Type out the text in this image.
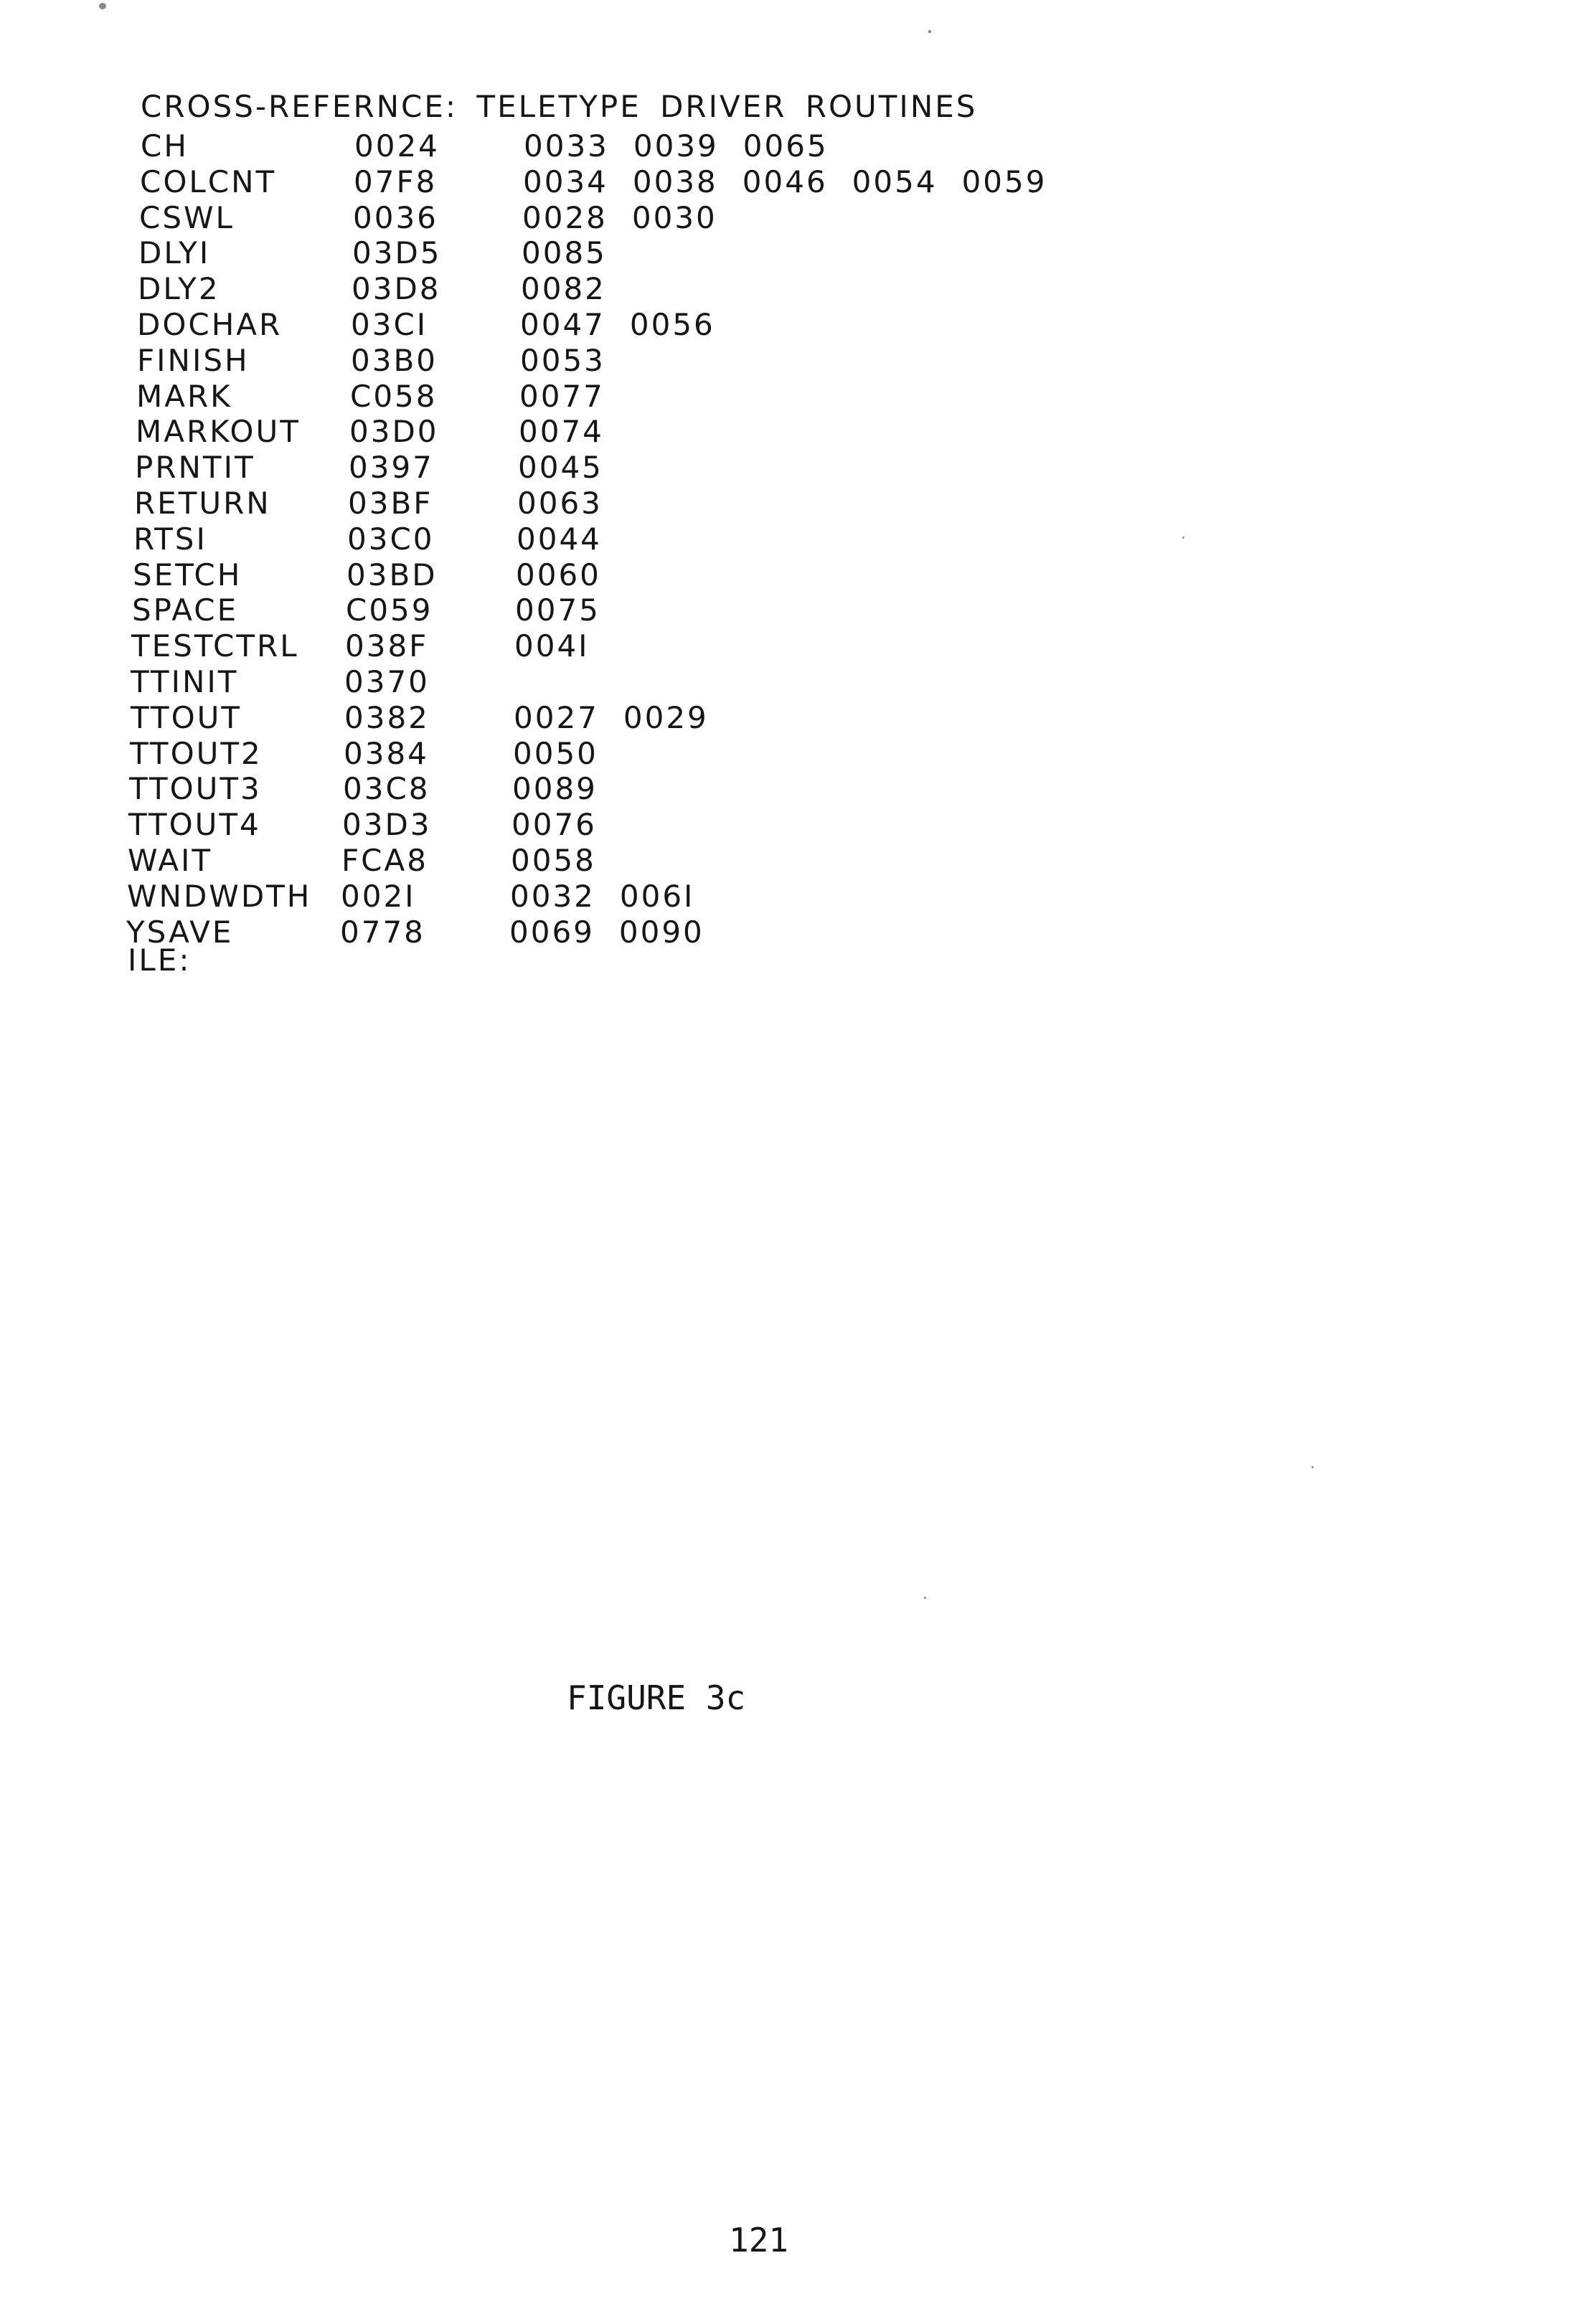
CROSS-REFERNCE: TELETYPE DRIVER ROUTINES
CH	0024	0033 0039 0065
COLCNT	07F8	0034 0038 0046 0054 0059
CSWL	0036	0028 0030
DLYI	03D5	0085
DLY2	03D8	0082
DOCHAR	03CI	0047 0056
FINISH	03B0	0053
MARK	C058	0077
MARKOUT	03D0	0074
PRNTIT	0397	0045
RETURN	03BF	0063
RTSI	03C0	0044
SETCH	03BD	0060
SPACE	C059	0075
TESTCTRL	038F	004I
TTINIT	0370
TTOUT	0382	0027 0029
TTOUT2	0384	0050
TTOUT3	03C8	0089
TTOUT4	03D3	0076
WAIT	FCA8	0058
WNDWDTH 002I	0032 006I
YSAVE	0778	0069 0090
ILE:
FIGURE 3c
121
